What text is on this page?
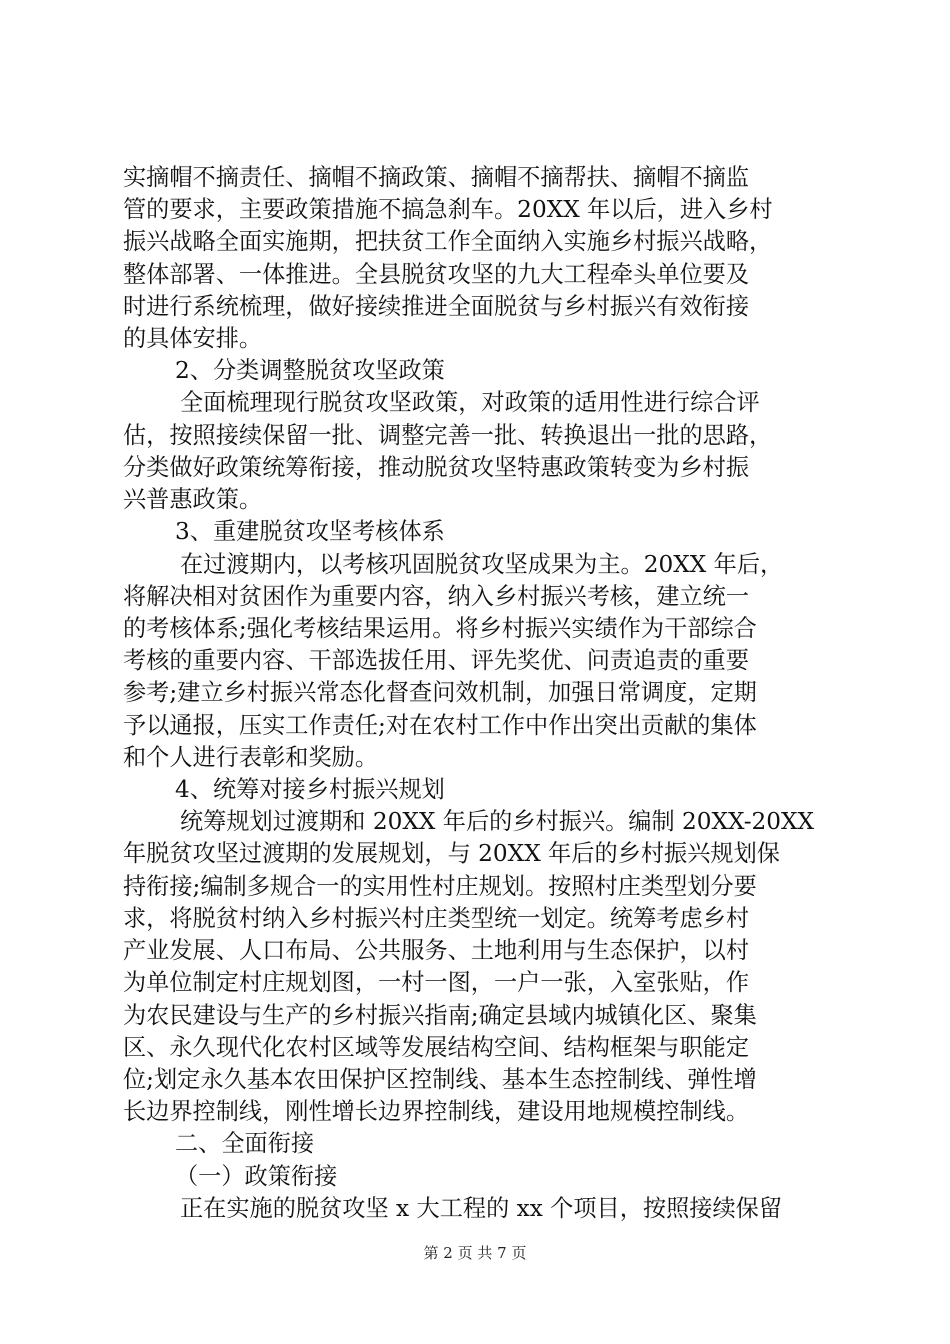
实摘帽不摘责任、摘帽不摘政策、摘帽不摘帮扶、摘帽不摘监
管的要求，主要政策措施不搞急刹车。20XX 年以后，进入乡村
振兴战略全面实施期，把扶贫工作全面纳入实施乡村振兴战略，
整体部署、一体推进。全县脱贫攻坚的九大工程牵头单位要及
时进行系统梳理，做好接续推进全面脱贫与乡村振兴有效衔接
的具体安排。
2、分类调整脱贫攻坚政策
全面梳理现行脱贫攻坚政策，对政策的适用性进行综合评
估，按照接续保留一批、调整完善一批、转换退出一批的思路，
分类做好政策统筹衔接，推动脱贫攻坚特惠政策转变为乡村振
兴普惠政策。
3、重建脱贫攻坚考核体系
在过渡期内，以考核巩固脱贫攻坚成果为主。20XX 年后，
将解决相对贫困作为重要内容，纳入乡村振兴考核，建立统一
的考核体系;强化考核结果运用。将乡村振兴实绩作为干部综合
考核的重要内容、干部选拔任用、评先奖优、问责追责的重要
参考;建立乡村振兴常态化督查问效机制，加强日常调度，定期
予以通报，压实工作责任;对在农村工作中作出突出贡献的集体
和个人进行表彰和奖励。
4、统筹对接乡村振兴规划
统筹规划过渡期和 20XX 年后的乡村振兴。编制 20XX-20XX
年脱贫攻坚过渡期的发展规划，与 20XX 年后的乡村振兴规划保
持衔接;编制多规合一的实用性村庄规划。按照村庄类型划分要
求，将脱贫村纳入乡村振兴村庄类型统一划定。统筹考虑乡村
产业发展、人口布局、公共服务、土地利用与生态保护，以村
为单位制定村庄规划图，一村一图，一户一张，入室张贴，作
为农民建设与生产的乡村振兴指南;确定县域内城镇化区、聚集
区、永久现代化农村区域等发展结构空间、结构框架与职能定
位;划定永久基本农田保护区控制线、基本生态控制线、弹性增
长边界控制线，刚性增长边界控制线，建设用地规模控制线。
二、全面衔接
（一）政策衔接
正在实施的脱贫攻坚 x 大工程的 xx 个项目，按照接续保留
第 2 页 共 7 页
